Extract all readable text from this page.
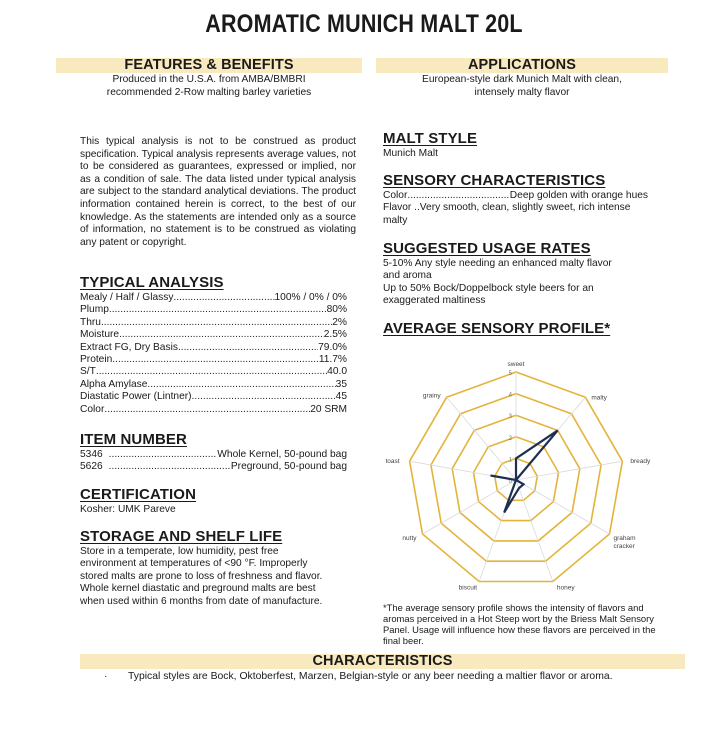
AROMATIC MUNICH MALT 20L
FEATURES & BENEFITS
Produced in the U.S.A. from AMBA/BMBRI
recommended 2-Row malting barley varieties
APPLICATIONS
European-style dark Munich Malt with clean,
intensely malty flavor
This typical analysis is not to be construed as product specification. Typical analysis represents average values, not to be considered as guarantees, expressed or implied, nor as a condition of sale. The data listed under typical analysis are subject to the standard analytical deviations. The product information contained herein is correct, to the best of our knowledge. As the statements are intended only as a source of information, no statement is to be construed as violating any patent or copyright.
TYPICAL ANALYSIS
Mealy / Half / Glassy .....	100% / 0% / 0%
Plump .....	80%
Thru .....	2%
Moisture .....	2.5%
Extract FG, Dry Basis .....	79.0%
Protein .....	11.7%
S/T .....	40.0
Alpha Amylase .....	35
Diastatic Power (Lintner) .....	45
Color .....	20 SRM
ITEM NUMBER
5346 .....	Whole Kernel, 50-pound bag
5626 .....	Preground, 50-pound bag
CERTIFICATION
Kosher: UMK Pareve
STORAGE AND SHELF LIFE
Store in a temperate, low humidity, pest free
environment at temperatures of <90 °F. Improperly
stored malts are prone to loss of freshness and flavor.
Whole kernel diastatic and preground malts are best
when used within 6 months from date of manufacture.
MALT STYLE
Munich Malt
SENSORY CHARACTERISTICS
Color .....	Deep golden with orange hues
Flavor ..Very smooth, clean, slightly sweet, rich intense
malty
SUGGESTED USAGE RATES
5-10% Any style needing an enhanced malty flavor
and aroma
Up to 50% Bock/Doppelbock style beers for an
exaggerated maltiness
AVERAGE SENSORY PROFILE*
0
1
2
3
4
5
sweet
malty
bready
graham
cracker
honey
biscuit
nutty
toast
grainy
*The average sensory profile shows the intensity of flavors and
aromas perceived in a Hot Steep wort by the Briess Malt Sensory
Panel. Usage will influence how these flavors are perceived in the
final beer.
CHARACTERISTICS
·	Typical styles are Bock, Oktoberfest, Marzen, Belgian-style or any beer needing a maltier flavor or aroma.
